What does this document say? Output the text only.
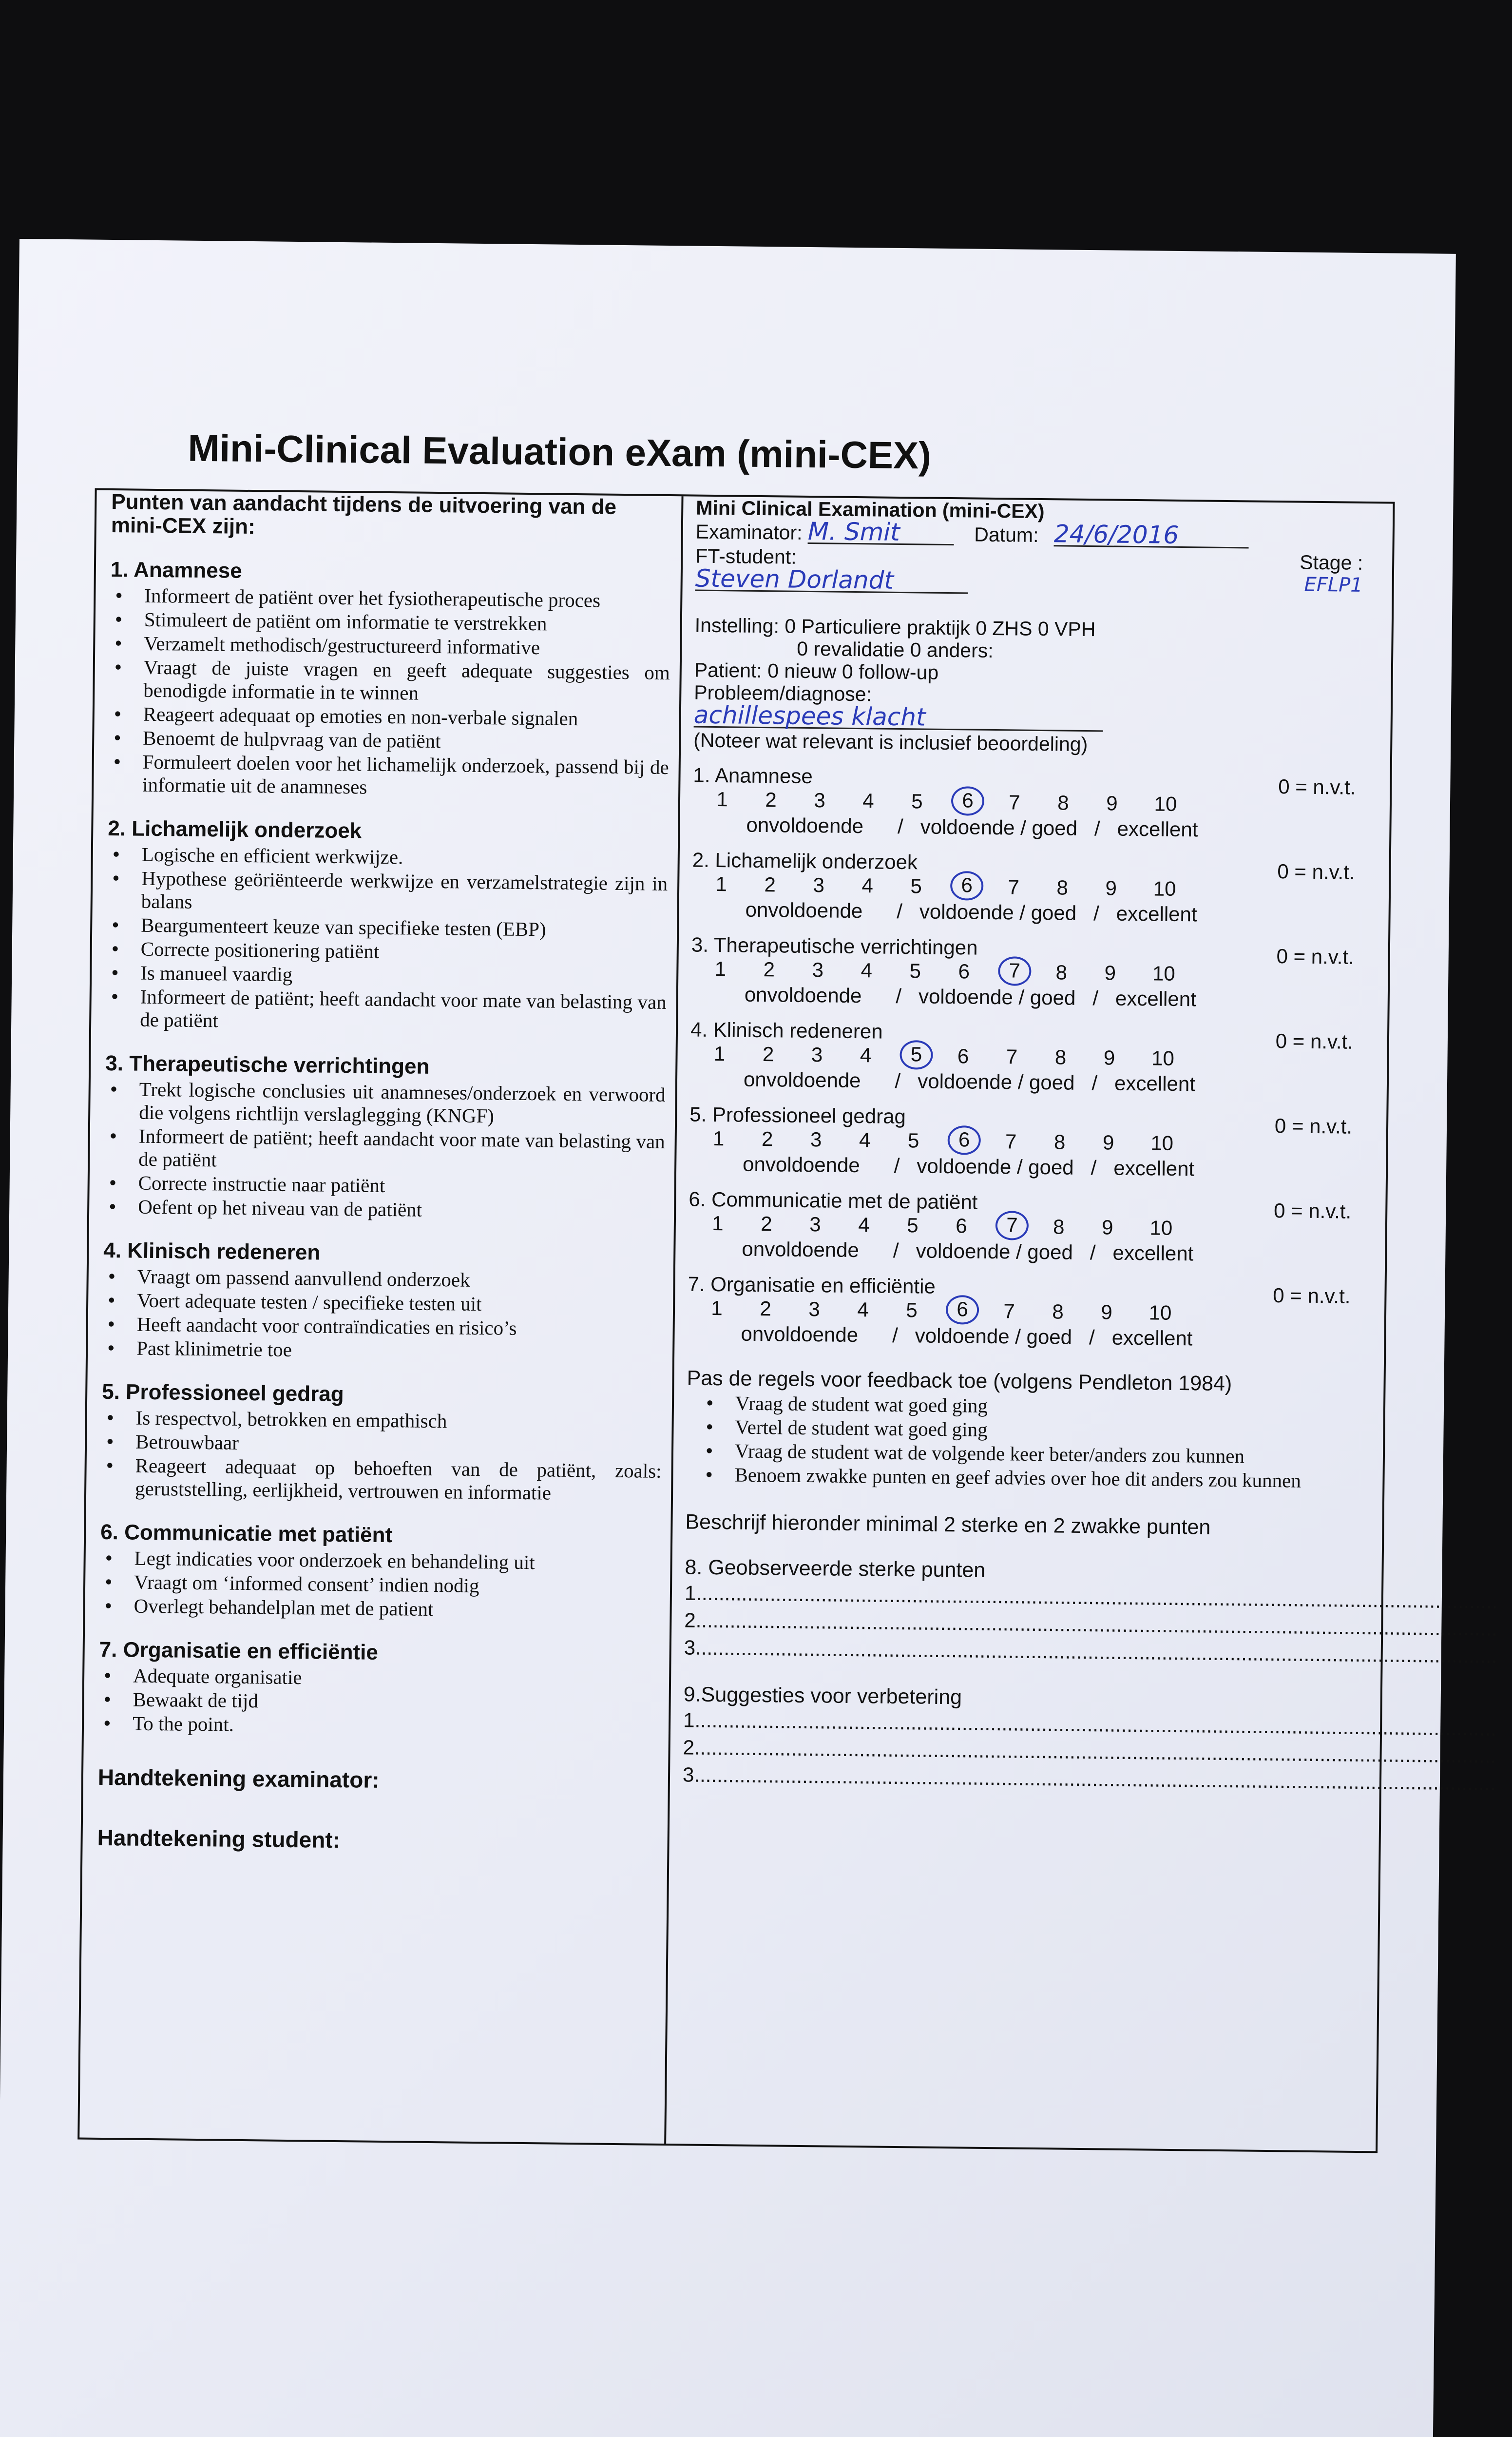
Mini-Clinical Evaluation eXam (mini-CEX)
Punten van aandacht tijdens de uitvoering van de mini-CEX zijn:
1. Anamnese
• Informeert de patiënt over het fysiotherapeutische proces
• Stimuleert de patiënt om informatie te verstrekken
• Verzamelt methodisch/gestructureerd informative
• Vraagt de juiste vragen en geeft adequate suggesties om benodigde informatie in te winnen
• Reageert adequaat op emoties en non-verbale signalen
• Benoemt de hulpvraag van de patiënt
• Formuleert doelen voor het lichamelijk onderzoek, passend bij de informatie uit de anamneses
2. Lichamelijk onderzoek
• Logische en efficient werkwijze.
• Hypothese geöriënteerde werkwijze en verzamelstrategie zijn in balans
• Beargumenteert keuze van specifieke testen (EBP)
• Correcte positionering patiënt
• Is manueel vaardig
• Informeert de patiënt; heeft aandacht voor mate van belasting van de patiënt
3. Therapeutische verrichtingen
• Trekt logische conclusies uit anamneses/onderzoek en verwoord die volgens richtlijn verslaglegging (KNGF)
• Informeert de patiënt; heeft aandacht voor mate van belasting van de patiënt
• Correcte instructie naar patiënt
• Oefent op het niveau van de patiënt
4. Klinisch redeneren
• Vraagt om passend aanvullend onderzoek
• Voert adequate testen / specifieke testen uit
• Heeft aandacht voor contraïndicaties en risico’s
• Past klinimetrie toe
5. Professioneel gedrag
• Is respectvol, betrokken en empathisch
• Betrouwbaar
• Reageert adequaat op behoeften van de patiënt, zoals: geruststelling, eerlijkheid, vertrouwen en informatie
6. Communicatie met patiënt
• Legt indicaties voor onderzoek en behandeling uit
• Vraagt om ‘informed consent’ indien nodig
• Overlegt behandelplan met de patient
7. Organisatie en efficiëntie
• Adequate organisatie
• Bewaakt de tijd
• To the point.
Handtekening examinator:
Handtekening student:
Mini Clinical Examination (mini-CEX)
Examinator: M. Smit	Datum: 24/6/2016
FT-student:	Stage :
Steven Dorlandt	EFLP1
Instelling: 0 Particuliere praktijk 0 ZHS 0 VPH
0 revalidatie 0 anders:
Patient: 0 nieuw 0 follow-up
Probleem/diagnose:
achillespees klacht
(Noteer wat relevant is inclusief beoordeling)
1. Anamnese	0 = n.v.t.
1	2	3	4	5	6	7	8	9	10
onvoldoende      /   voldoende / goed   /   excellent
2. Lichamelijk onderzoek	0 = n.v.t.
1	2	3	4	5	6	7	8	9	10
onvoldoende      /   voldoende / goed   /   excellent
3. Therapeutische verrichtingen	0 = n.v.t.
1	2	3	4	5	6	7	8	9	10
onvoldoende      /   voldoende / goed   /   excellent
4. Klinisch redeneren	0 = n.v.t.
1	2	3	4	5	6	7	8	9	10
onvoldoende      /   voldoende / goed   /   excellent
5. Professioneel gedrag	0 = n.v.t.
1	2	3	4	5	6	7	8	9	10
onvoldoende      /   voldoende / goed   /   excellent
6. Communicatie met de patiënt	0 = n.v.t.
1	2	3	4	5	6	7	8	9	10
onvoldoende      /   voldoende / goed   /   excellent
7. Organisatie en efficiëntie	0 = n.v.t.
1	2	3	4	5	6	7	8	9	10
onvoldoende      /   voldoende / goed   /   excellent
Pas de regels voor feedback toe (volgens Pendleton 1984)
• Vraag de student wat goed ging
• Vertel de student wat goed ging
• Vraag de student wat de volgende keer beter/anders zou kunnen
• Benoem zwakke punten en geef advies over hoe dit anders zou kunnen
Beschrijf hieronder minimal 2 sterke en 2 zwakke punten
8. Geobserveerde sterke punten
1.............................................................................................................................................
2.............................................................................................................................................
3.............................................................................................................................................
9.Suggesties voor verbetering
1.............................................................................................................................................
2.............................................................................................................................................
3.............................................................................................................................................
